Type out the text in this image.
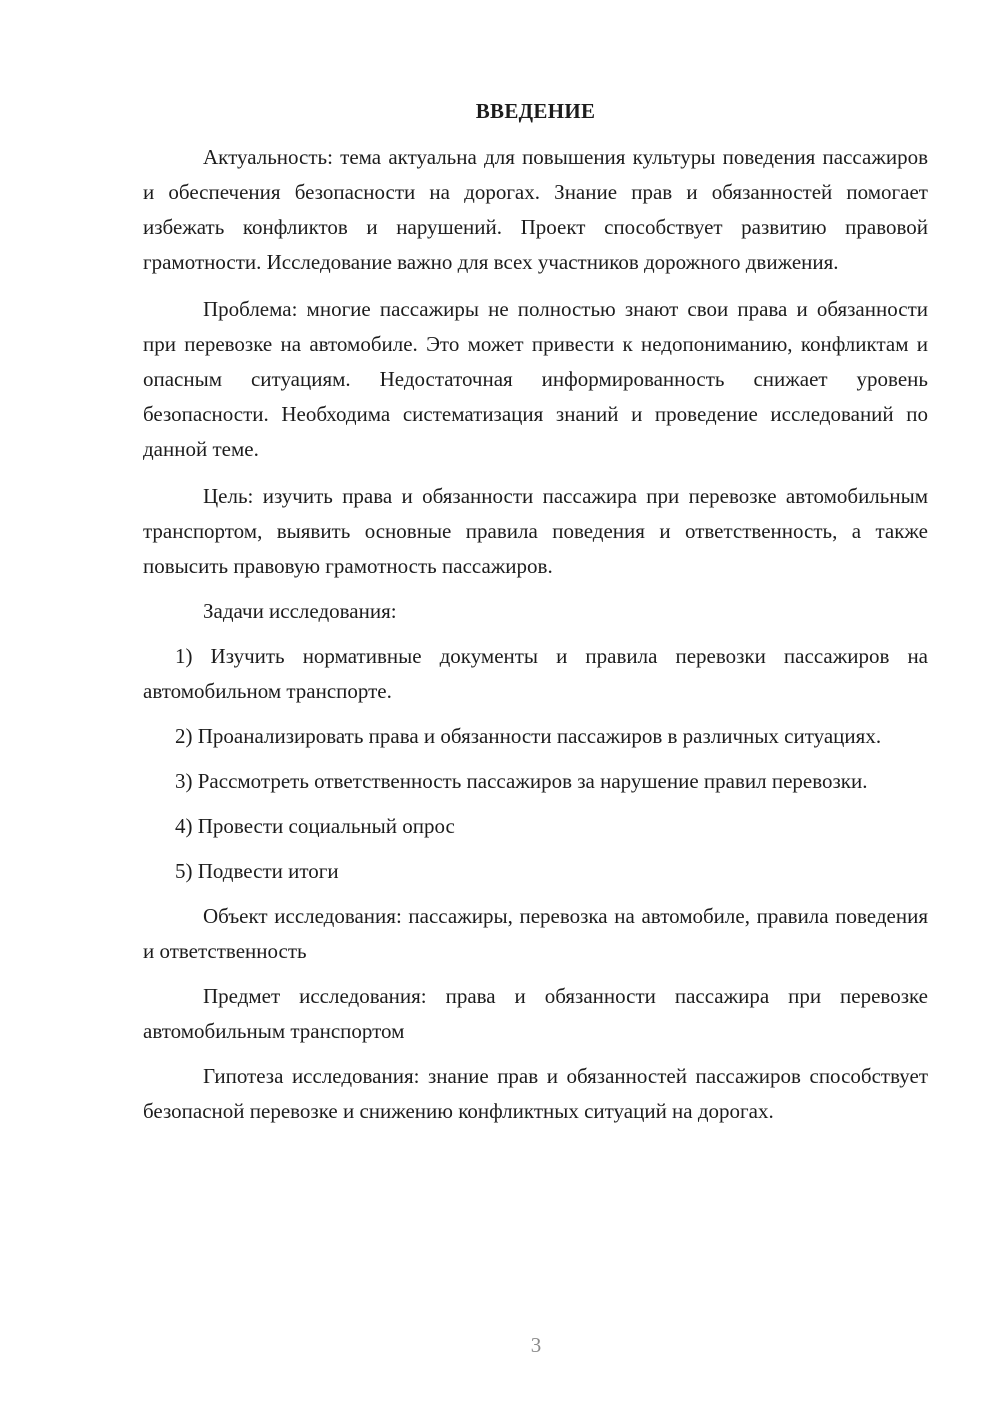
ВВЕДЕНИЕ

Актуальность: тема актуальна для повышения культуры поведения пассажиров и обеспечения безопасности на дорогах. Знание прав и обязанностей помогает избежать конфликтов и нарушений. Проект способствует развитию правовой грамотности. Исследование важно для всех участников дорожного движения.

Проблема: многие пассажиры не полностью знают свои права и обязанности при перевозке на автомобиле. Это может привести к недопониманию, конфликтам и опасным ситуациям. Недостаточная информированность снижает уровень безопасности. Необходима систематизация знаний и проведение исследований по данной теме.

Цель: изучить права и обязанности пассажира при перевозке автомобильным транспортом, выявить основные правила поведения и ответственность, а также повысить правовую грамотность пассажиров.

Задачи исследования:

1) Изучить нормативные документы и правила перевозки пассажиров на автомобильном транспорте.

2) Проанализировать права и обязанности пассажиров в различных ситуациях.

3) Рассмотреть ответственность пассажиров за нарушение правил перевозки.

4) Провести социальный опрос

5) Подвести итоги

Объект исследования: пассажиры, перевозка на автомобиле, правила поведения и ответственность

Предмет исследования: права и обязанности пассажира при перевозке автомобильным транспортом

Гипотеза исследования: знание прав и обязанностей пассажиров способствует безопасной перевозке и снижению конфликтных ситуаций на дорогах.

3
